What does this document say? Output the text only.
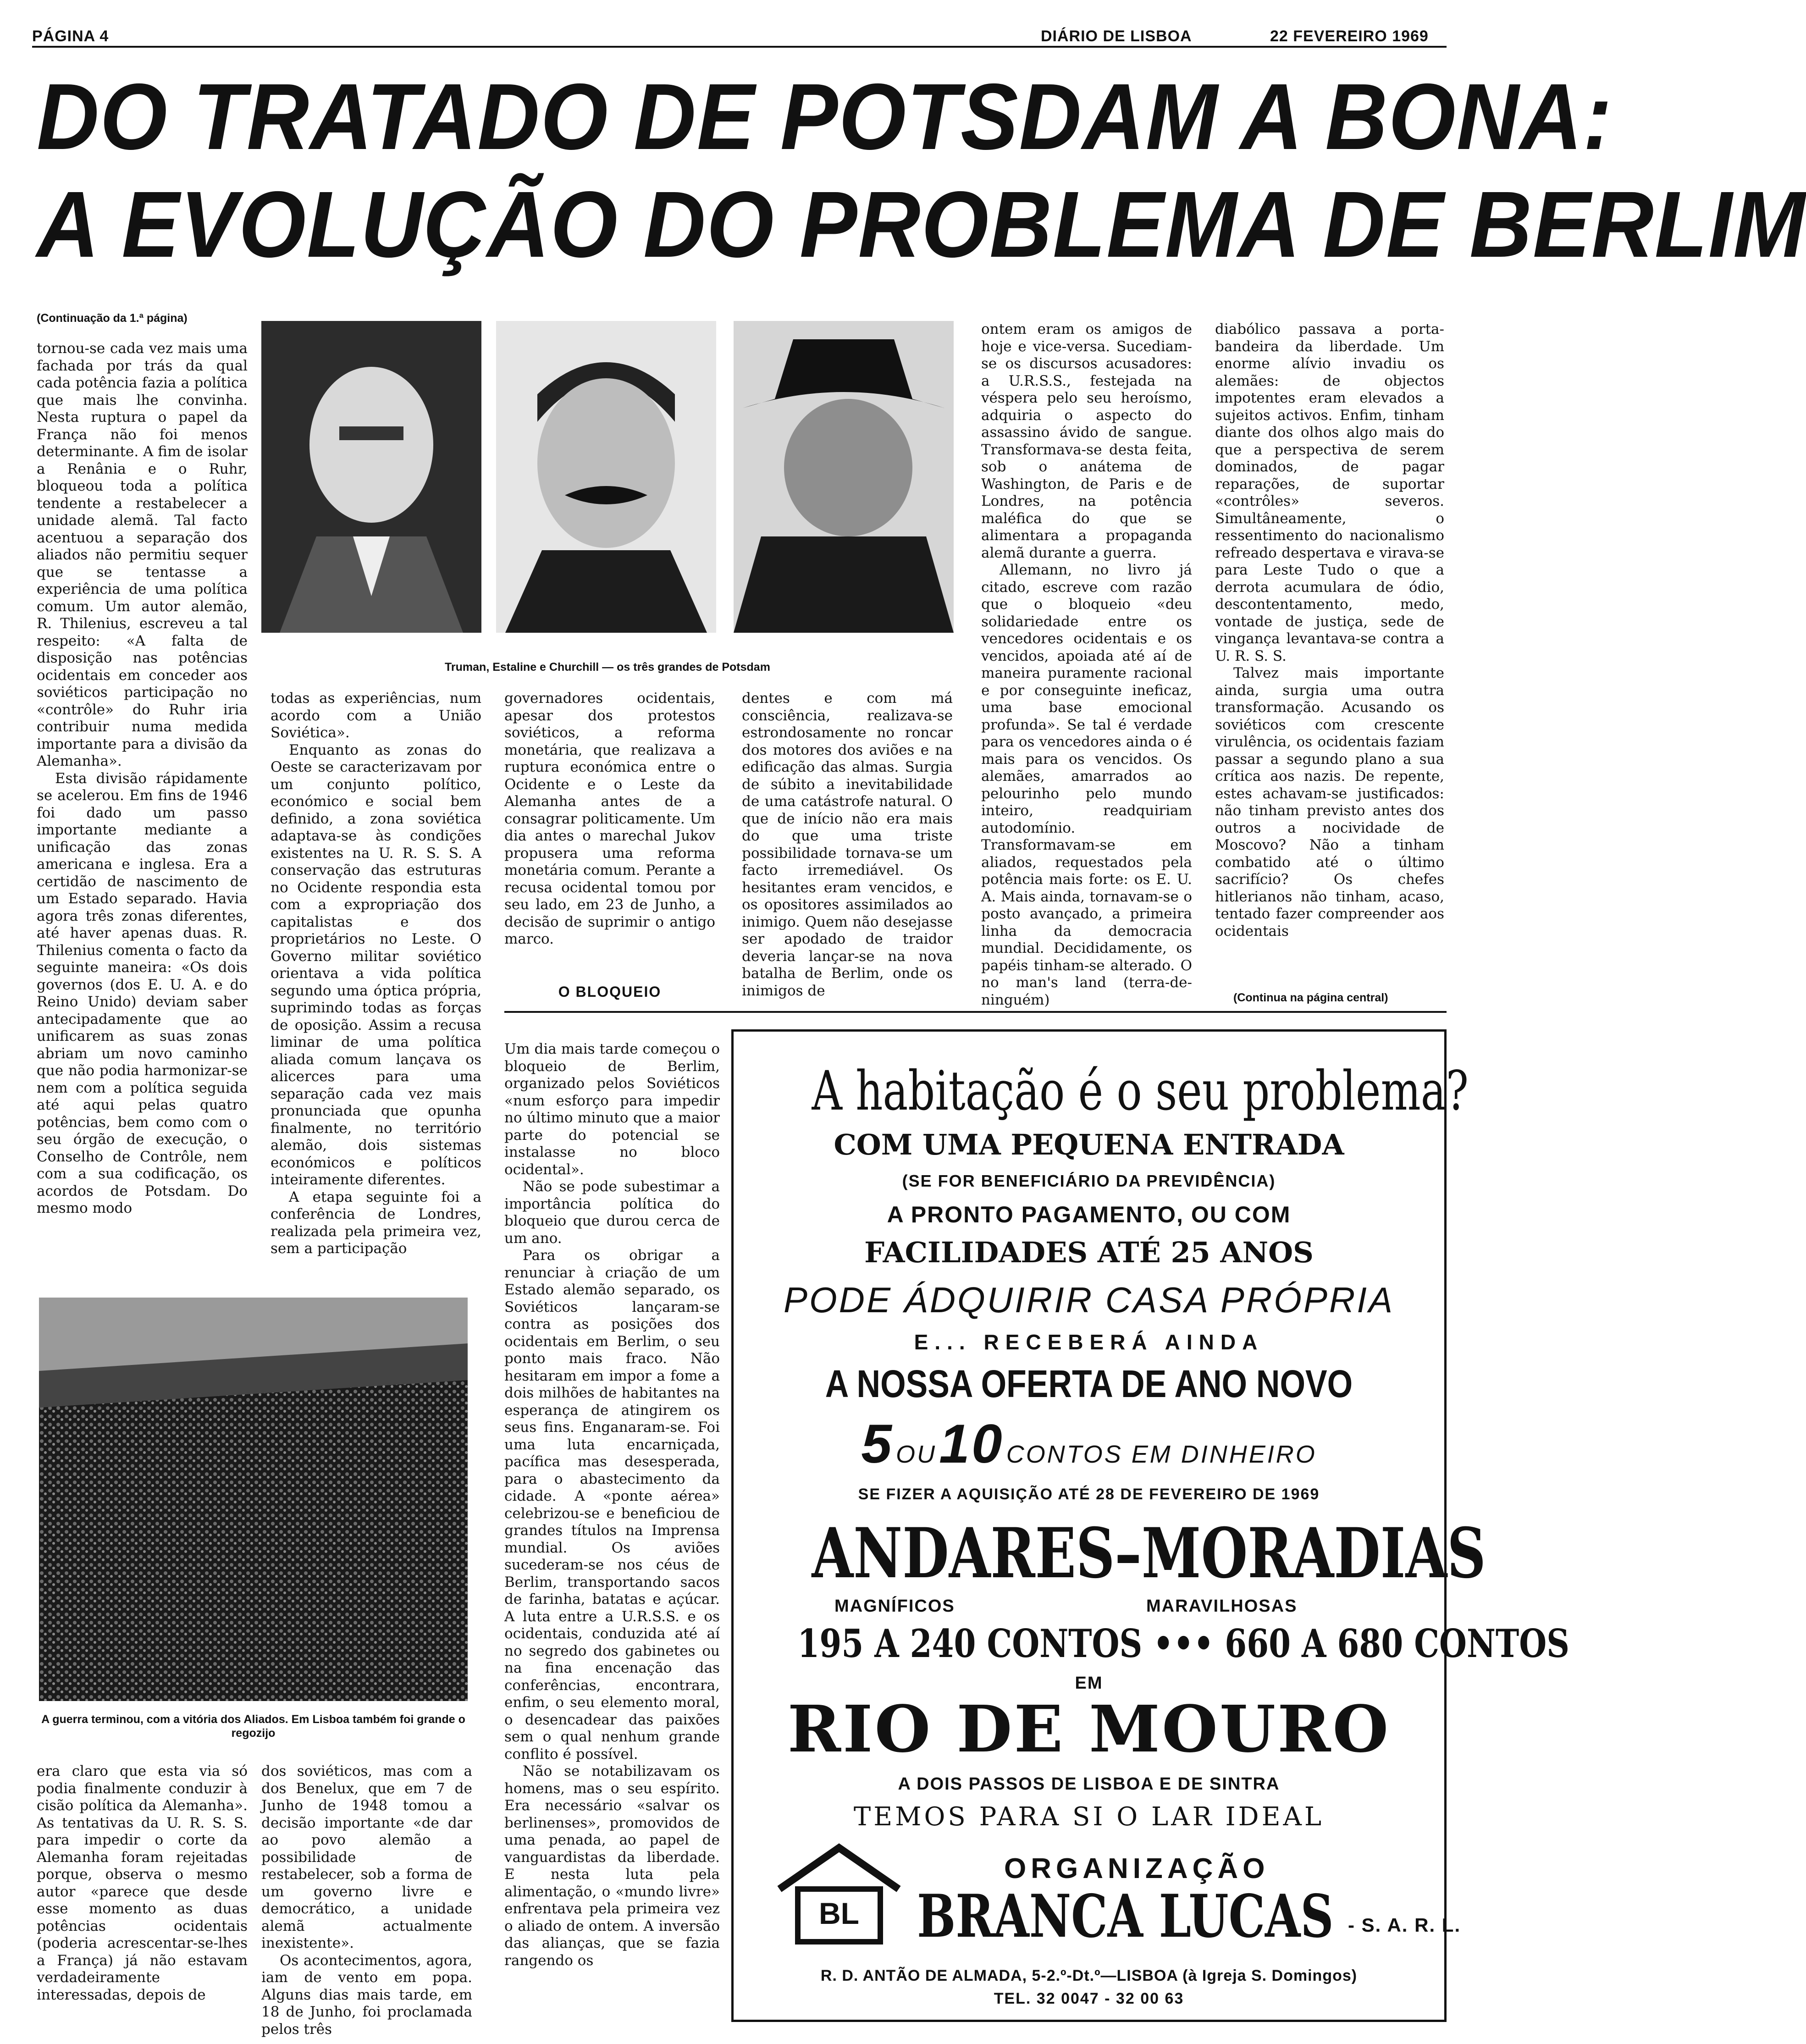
PÁGINA 4	DIÁRIO DE LISBOA	22 FEVEREIRO 1969
DO TRATADO DE POTSDAM A BONA:
A EVOLUÇÃO DO PROBLEMA DE BERLIM
(Continuação da 1.ª página)
Truman, Estaline e Churchill — os três grandes de Potsdam

tornou-se cada vez mais uma fachada por trás da qual cada potência fazia a política que mais lhe convinha. Nesta ruptura o papel da França não foi menos determinante. A fim de isolar a Renânia e o Ruhr, bloqueou toda a política tendente a restabelecer a unidade alemã. Tal facto acentuou a separação dos aliados não permitiu sequer que se tentasse a experiência de uma política comum. Um autor alemão, R. Thilenius, escreveu a tal respeito: «A falta de disposição nas potências ocidentais em conceder aos soviéticos participação no «contrôle» do Ruhr iria contribuir numa medida importante para a divisão da Alemanha».

Esta divisão rápidamente se acelerou. Em fins de 1946 foi dado um passo importante mediante a unificação das zonas americana e inglesa. Era a certidão de nascimento de um Estado separado. Havia agora três zonas diferentes, até haver apenas duas. R. Thilenius comenta o facto da seguinte maneira: «Os dois governos (dos E. U. A. e do Reino Unido) deviam saber antecipadamente que ao unificarem as suas zonas abriam um novo caminho que não podia harmonizar-se nem com a política seguida até aqui pelas quatro potências, bem como com o seu órgão de execução, o Conselho de Contrôle, nem com a sua codificação, os acordos de Potsdam. Do mesmo modo

todas as experiências, num acordo com a União Soviética».

Enquanto as zonas do Oeste se caracterizavam por um conjunto político, económico e social bem definido, a zona soviética adaptava-se às condições existentes na U. R. S. S. A conservação das estruturas no Ocidente respondia esta com a expropriação dos capitalistas e dos proprietários no Leste. O Governo militar soviético orientava a vida política segundo uma óptica própria, suprimindo todas as forças de oposição. Assim a recusa liminar de uma política aliada comum lançava os alicerces para uma separação cada vez mais pronunciada que opunha finalmente, no território alemão, dois sistemas económicos e políticos inteiramente diferentes.

A etapa seguinte foi a conferência de Londres, realizada pela primeira vez, sem a participação

governadores ocidentais, apesar dos protestos soviéticos, a reforma monetária, que realizava a ruptura económica entre o Ocidente e o Leste da Alemanha antes de a consagrar politicamente. Um dia antes o marechal Jukov propusera uma reforma monetária comum. Perante a recusa ocidental tomou por seu lado, em 23 de Junho, a decisão de suprimir o antigo marco.

dentes e com má consciência, realizava-se estrondosamente no roncar dos motores dos aviões e na edificação das almas. Surgia de súbito a inevitabilidade de uma catástrofe natural. O que de início não era mais do que uma triste possibilidade tornava-se um facto irremediável. Os hesitantes eram vencidos, e os opositores assimilados ao inimigo. Quem não desejasse ser apodado de traidor deveria lançar-se na nova batalha de Berlim, onde os inimigos de

ontem eram os amigos de hoje e vice-versa. Sucediam-se os discursos acusadores: a U.R.S.S., festejada na véspera pelo seu heroísmo, adquiria o aspecto do assassino ávido de sangue. Transformava-se desta feita, sob o anátema de Washington, de Paris e de Londres, na potência maléfica do que se alimentara a propaganda alemã durante a guerra.

Allemann, no livro já citado, escreve com razão que o bloqueio «deu solidariedade entre os vencedores ocidentais e os vencidos, apoiada até aí de maneira puramente racional e por conseguinte ineficaz, uma base emocional profunda». Se tal é verdade para os vencedores ainda o é mais para os vencidos. Os alemães, amarrados ao pelourinho pelo mundo inteiro, readquiriam autodomínio. Transformavam-se em aliados, requestados pela potência mais forte: os E. U. A. Mais ainda, tornavam-se o posto avançado, a primeira linha da democracia mundial. Decididamente, os papéis tinham-se alterado. O no man's land (terra-de-ninguém)

diabólico passava a porta-bandeira da liberdade. Um enorme alívio invadiu os alemães: de objectos impotentes eram elevados a sujeitos activos. Enfim, tinham diante dos olhos algo mais do que a perspectiva de serem dominados, de pagar reparações, de suportar «contrôles» severos. Simultâneamente, o ressentimento do nacionalismo refreado despertava e virava-se para Leste Tudo o que a derrota acumulara de ódio, descontentamento, medo, vontade de justiça, sede de vingança levantava-se contra a U. R. S. S.

Talvez mais importante ainda, surgia uma outra transformação. Acusando os soviéticos com crescente virulência, os ocidentais faziam passar a segundo plano a sua crítica aos nazis. De repente, estes achavam-se justificados: não tinham previsto antes dos outros a nocividade de Moscovo? Não a tinham combatido até o último sacrifício? Os chefes hitlerianos não tinham, acaso, tentado fazer compreender aos ocidentais

(Continua na página central)
O BLOQUEIO

Um dia mais tarde começou o bloqueio de Berlim, organizado pelos Soviéticos «num esforço para impedir no último minuto que a maior parte do potencial se instalasse no bloco ocidental».

Não se pode subestimar a importância política do bloqueio que durou cerca de um ano.

Para os obrigar a renunciar à criação de um Estado alemão separado, os Soviéticos lançaram-se contra as posições dos ocidentais em Berlim, o seu ponto mais fraco. Não hesitaram em impor a fome a dois milhões de habitantes na esperança de atingirem os seus fins. Enganaram-se. Foi uma luta encarniçada, pacífica mas desesperada, para o abastecimento da cidade. A «ponte aérea» celebrizou-se e beneficiou de grandes títulos na Imprensa mundial. Os aviões sucederam-se nos céus de Berlim, transportando sacos de farinha, batatas e açúcar. A luta entre a U.R.S.S. e os ocidentais, conduzida até aí no segredo dos gabinetes ou na fina encenação das conferências, encontrara, enfim, o seu elemento moral, o desencadear das paixões sem o qual nenhum grande conflito é possível.

Não se notabilizavam os homens, mas o seu espírito. Era necessário «salvar os berlinenses», promovidos de uma penada, ao papel de vanguardistas da liberdade. E nesta luta pela alimentação, o «mundo livre» enfrentava pela primeira vez o aliado de ontem. A inversão das alianças, que se fazia rangendo os

A guerra terminou, com a vitória dos Aliados. Em Lisboa também foi grande o regozijo

era claro que esta via só podia finalmente conduzir à cisão política da Alemanha». As tentativas da U. R. S. S. para impedir o corte da Alemanha foram rejeitadas porque, observa o mesmo autor «parece que desde esse momento as duas potências ocidentais (poderia acrescentar-se-lhes a França) já não estavam verdadeiramente interessadas, depois de

dos soviéticos, mas com a dos Benelux, que em 7 de Junho de 1948 tomou a decisão importante «de dar ao povo alemão a possibilidade de restabelecer, sob a forma de um governo livre e democrático, a unidade alemã actualmente inexistente».

Os acontecimentos, agora, iam de vento em popa. Alguns dias mais tarde, em 18 de Junho, foi proclamada pelos três

A habitação é o seu problema?
COM UMA PEQUENA ENTRADA
(SE FOR BENEFICIÁRIO DA PREVIDÊNCIA)
A PRONTO PAGAMENTO, OU COM
FACILIDADES ATÉ 25 ANOS
PODE ÁDQUIRIR CASA PRÓPRIA
E... RECEBERÁ AINDA
A NOSSA OFERTA DE ANO NOVO
5 OU 10 CONTOS EM DINHEIRO
SE FIZER A AQUISIÇÃO ATÉ 28 DE FEVEREIRO DE 1969
ANDARES–MORADIAS
MAGNÍFICOS	MARAVILHOSAS
195 A 240 CONTOS ••• 660 A 680 CONTOS
EM
RIO DE MOURO
A DOIS PASSOS DE LISBOA E DE SINTRA
TEMOS PARA SI O LAR IDEAL
ORGANIZAÇÃO
BL BRANCA LUCAS - S. A. R. L.
R. D. ANTÃO DE ALMADA, 5-2.º-Dt.º—LISBOA (à Igreja S. Domingos)
TEL. 32 0047 - 32 00 63
